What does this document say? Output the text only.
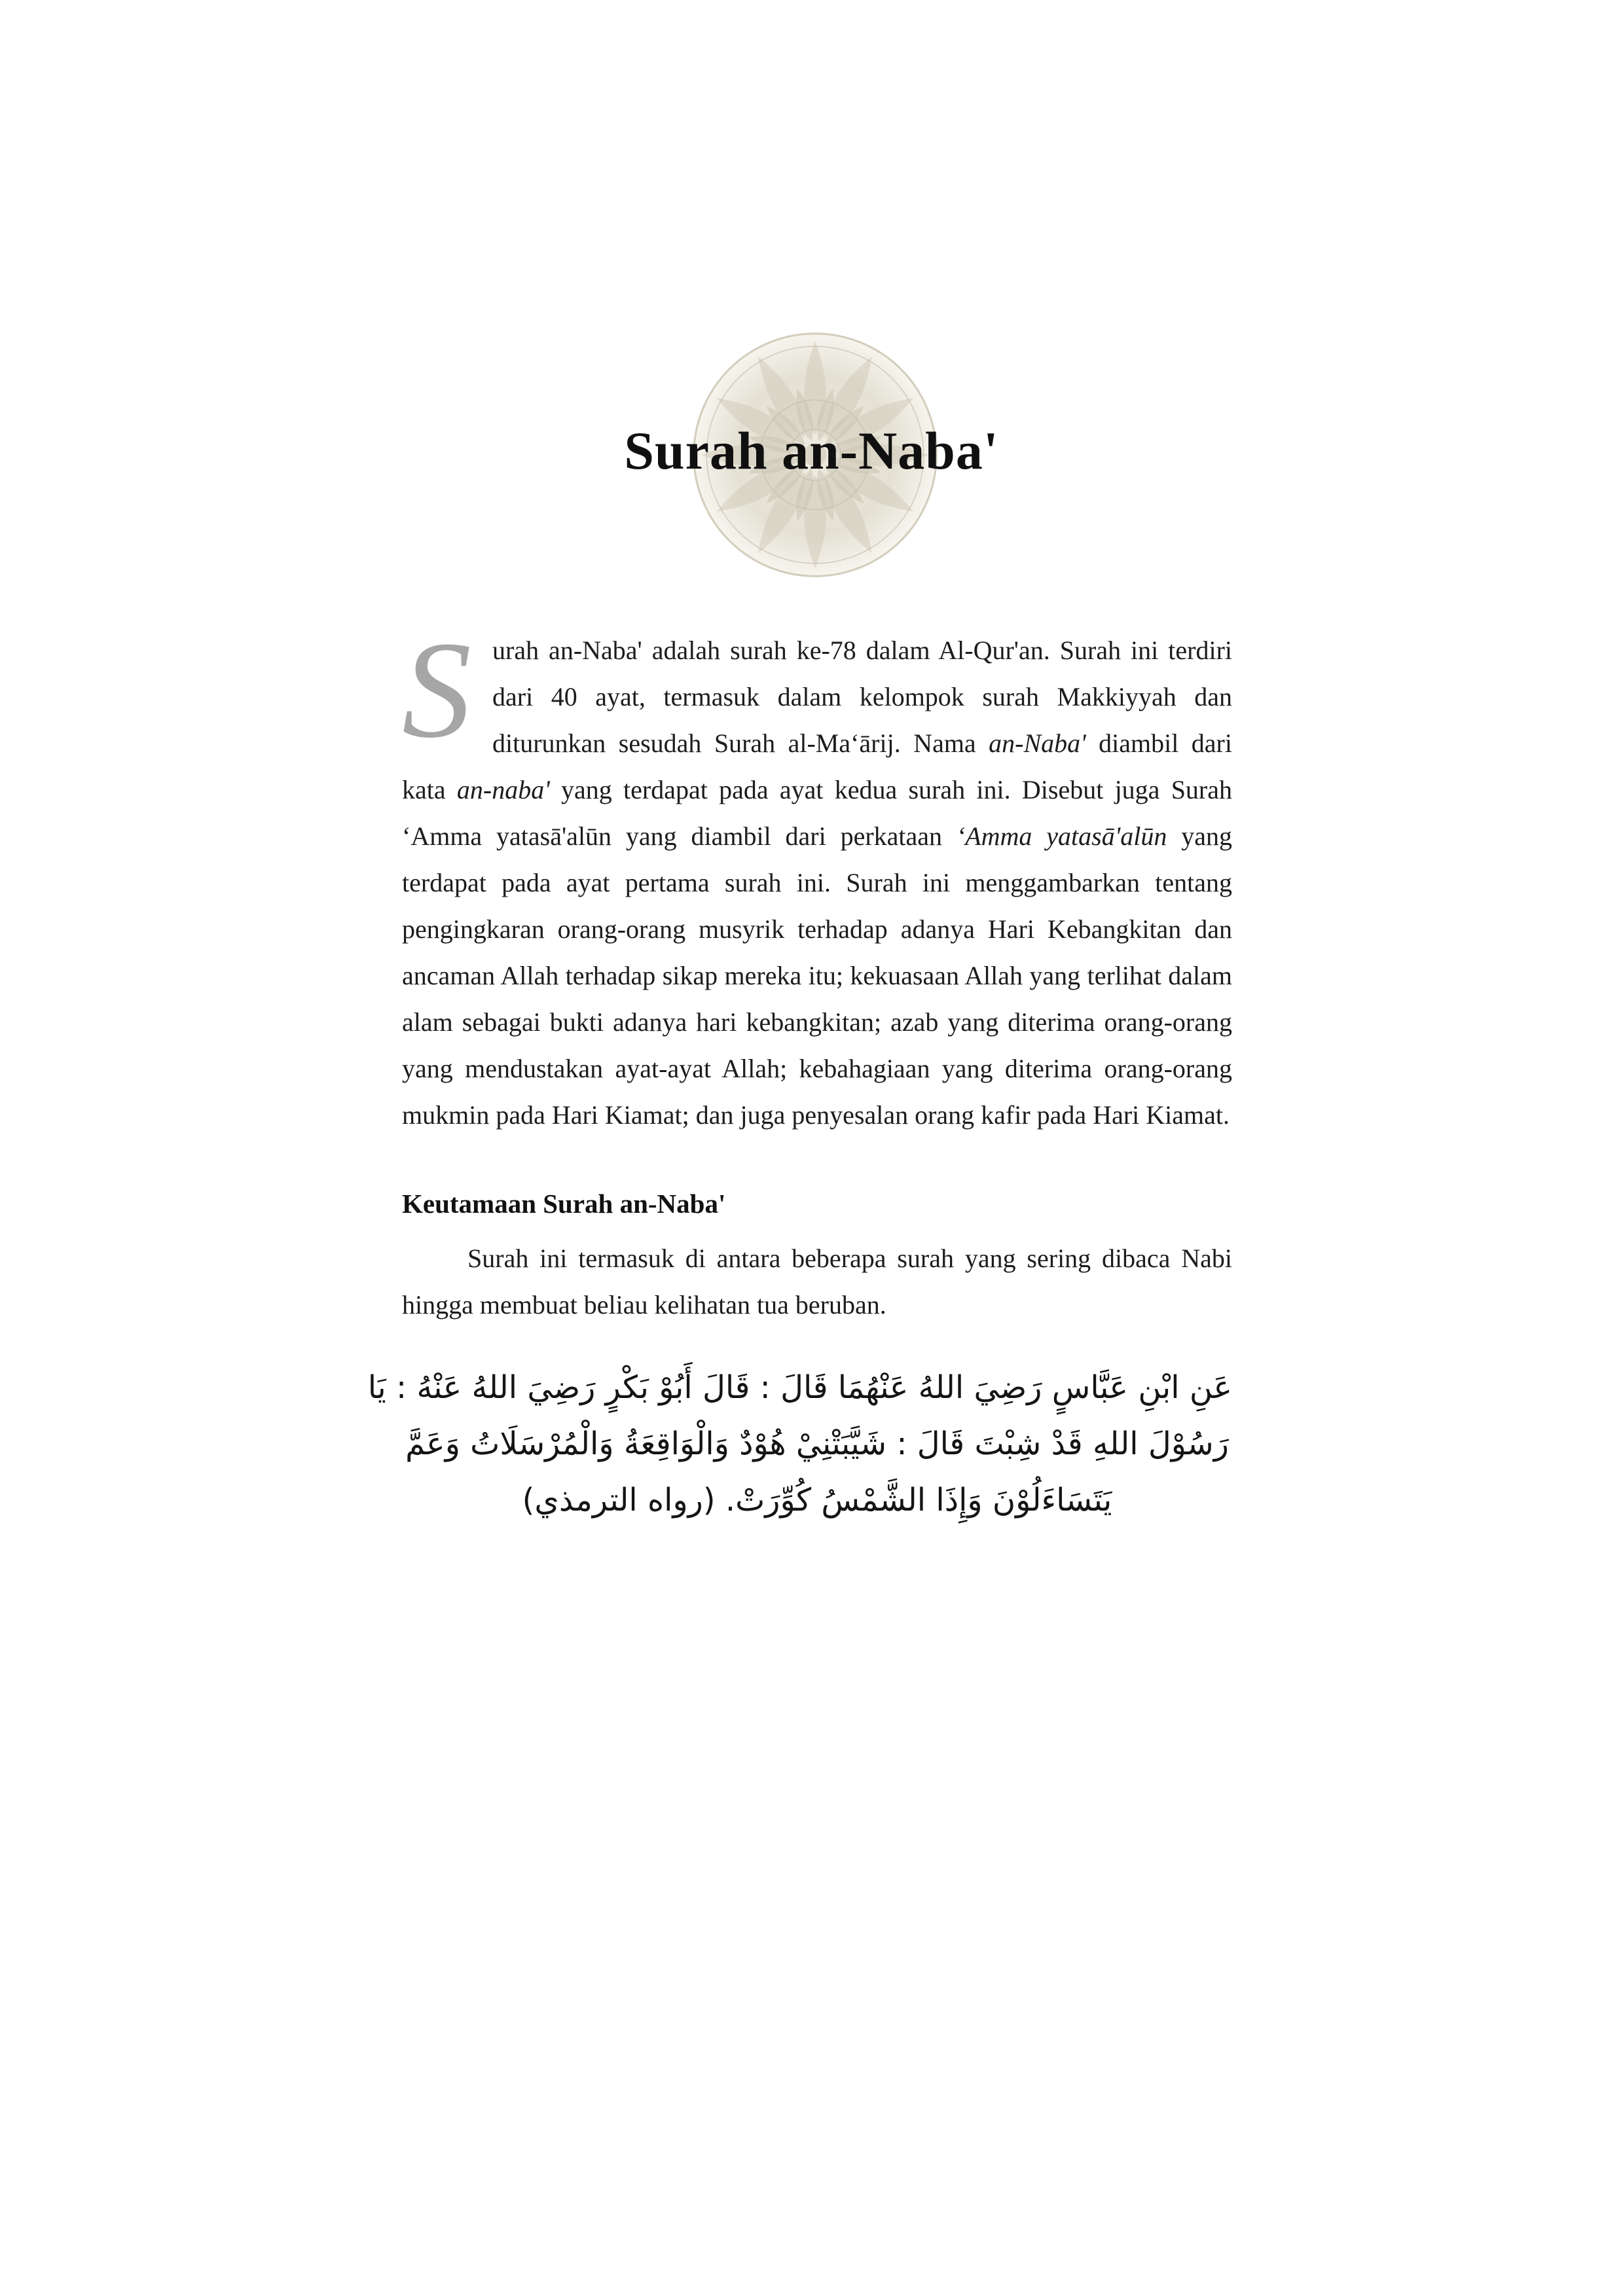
Surah an-Naba'

Surah an-Naba' adalah surah ke-78 dalam Al-Qur'an. Surah ini terdiri dari 40 ayat, termasuk dalam kelompok surah Makkiyyah dan diturunkan sesudah Surah al-Ma‘ārij. Nama an-Naba' diambil dari kata an-naba' yang terdapat pada ayat kedua surah ini. Disebut juga Surah ‘Amma yatasā'alūn yang diambil dari perkataan ‘Amma yatasā'alūn yang terdapat pada ayat pertama surah ini. Surah ini menggambarkan tentang pengingkaran orang-orang musyrik terhadap adanya Hari Kebangkitan dan ancaman Allah terhadap sikap mereka itu; kekuasaan Allah yang terlihat dalam alam sebagai bukti adanya hari kebangkitan; azab yang diterima orang-orang yang mendustakan ayat-ayat Allah; kebahagiaan yang diterima orang-orang mukmin pada Hari Kiamat; dan juga penyesalan orang kafir pada Hari Kiamat.

Keutamaan Surah an-Naba'

Surah ini termasuk di antara beberapa surah yang sering dibaca Nabi hingga membuat beliau kelihatan tua beruban.

عَنِ ابْنِ عَبَّاسٍ رَضِيَ اللهُ عَنْهُمَا قَالَ : قَالَ أَبُوْ بَكْرٍ رَضِيَ اللهُ عَنْهُ : يَا
رَسُوْلَ اللهِ قَدْ شِبْتَ قَالَ : شَيَّبَتْنِيْ هُوْدٌ وَالْوَاقِعَةُ وَالْمُرْسَلَاتُ وَعَمَّ
يَتَسَاءَلُوْنَ وَإِذَا الشَّمْسُ كُوِّرَتْ. (رواه الترمذي)
